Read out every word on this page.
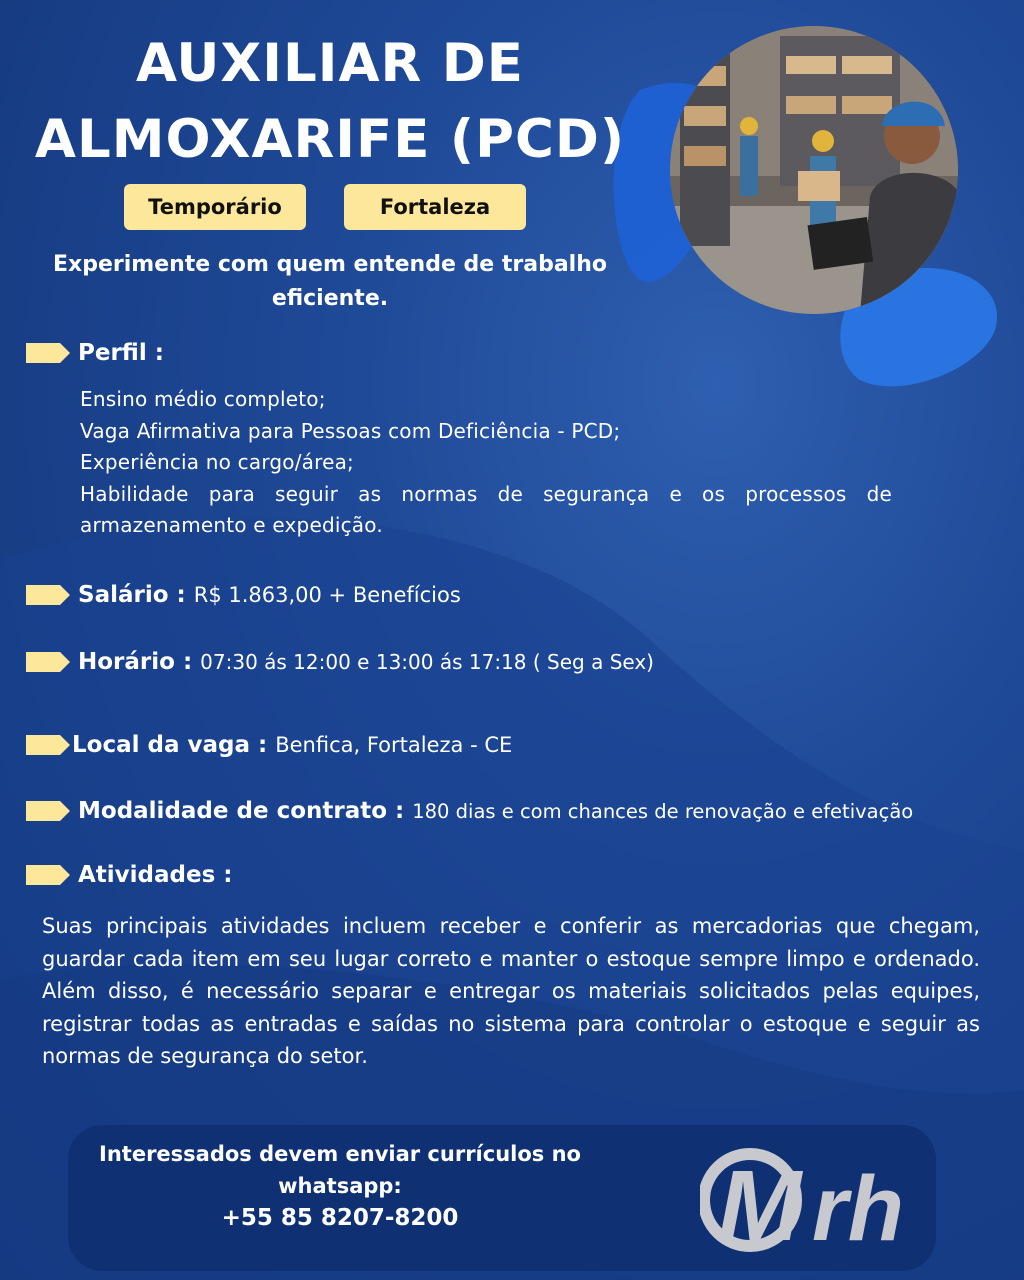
AUXILIAR DE
ALMOXARIFE (PCD)
Temporário	Fortaleza
Experimente com quem entende de trabalho
eficiente.
Perfil :
Ensino médio completo;
Vaga Afirmativa para Pessoas com Deficiência - PCD;
Experiência no cargo/área;
Habilidade para seguir as normas de segurança e os processos de armazenamento e expedição.
Salário : R$ 1.863,00 + Benefícios
Horário : 07:30 ás 12:00 e 13:00 ás 17:18 ( Seg a Sex)
Local da vaga : Benfica, Fortaleza - CE
Modalidade de contrato : 180 dias e com chances de renovação e efetivação
Atividades :
Suas principais atividades incluem receber e conferir as mercadorias que chegam, guardar cada item em seu lugar correto e manter o estoque sempre limpo e ordenado. Além disso, é necessário separar e entregar os materiais solicitados pelas equipes, registrar todas as entradas e saídas no sistema para controlar o estoque e seguir as normas de segurança do setor.
Interessados devem enviar currículos no
whatsapp:
+55 85 8207-8200	M rh
